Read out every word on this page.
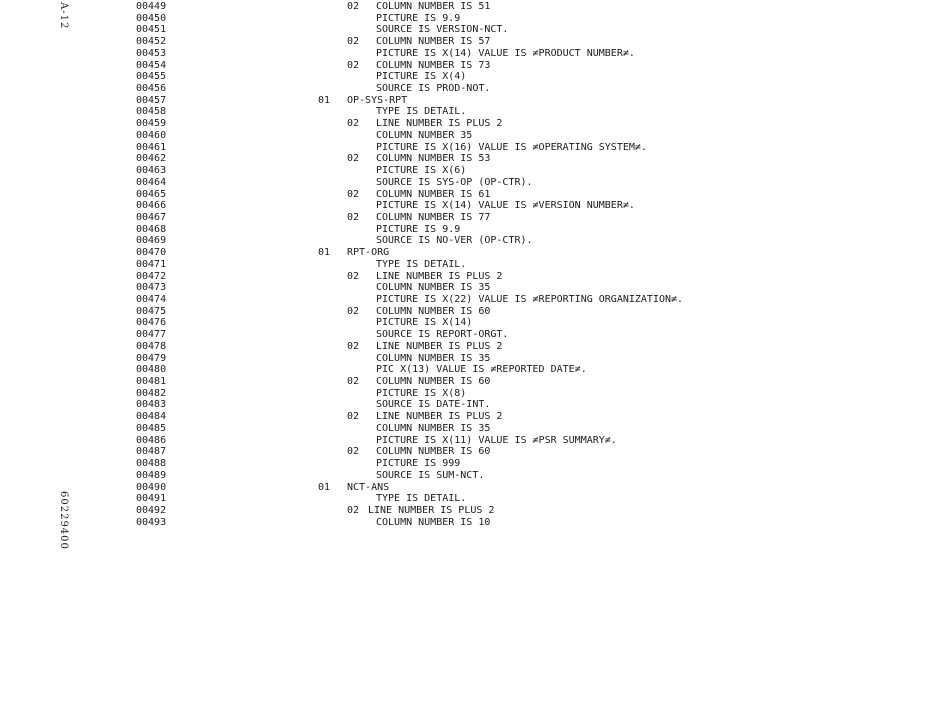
A-12
60229400
00449	02 COLUMN NUMBER IS 51
00450	PICTURE IS 9.9
00451	SOURCE IS VERSION-NCT.
00452	02 COLUMN NUMBER IS 57
00453	PICTURE IS X(14) VALUE IS ≠PRODUCT NUMBER≠.
00454	02 COLUMN NUMBER IS 73
00455	PICTURE IS X(4)
00456	SOURCE IS PROD-NOT.
00457	01 OP-SYS-RPT
00458	TYPE IS DETAIL.
00459	02 LINE NUMBER IS PLUS 2
00460	COLUMN NUMBER 35
00461	PICTURE IS X(16) VALUE IS ≠OPERATING SYSTEM≠.
00462	02 COLUMN NUMBER IS 53
00463	PICTURE IS X(6)
00464	SOURCE IS SYS-OP (OP-CTR).
00465	02 COLUMN NUMBER IS 61
00466	PICTURE IS X(14) VALUE IS ≠VERSION NUMBER≠.
00467	02 COLUMN NUMBER IS 77
00468	PICTURE IS 9.9
00469	SOURCE IS NO-VER (OP-CTR).
00470	01 RPT-ORG
00471	TYPE IS DETAIL.
00472	02 LINE NUMBER IS PLUS 2
00473	COLUMN NUMBER IS 35
00474	PICTURE IS X(22) VALUE IS ≠REPORTING ORGANIZATION≠.
00475	02 COLUMN NUMBER IS 60
00476	PICTURE IS X(14)
00477	SOURCE IS REPORT-ORGT.
00478	02 LINE NUMBER IS PLUS 2
00479	COLUMN NUMBER IS 35
00480	PIC X(13) VALUE IS ≠REPORTED DATE≠.
00481	02 COLUMN NUMBER IS 60
00482	PICTURE IS X(8)
00483	SOURCE IS DATE-INT.
00484	02 LINE NUMBER IS PLUS 2
00485	COLUMN NUMBER IS 35
00486	PICTURE IS X(11) VALUE IS ≠PSR SUMMARY≠.
00487	02 COLUMN NUMBER IS 60
00488	PICTURE IS 999
00489	SOURCE IS SUM-NCT.
00490	01 NCT-ANS
00491	TYPE IS DETAIL.
00492	02 LINE NUMBER IS PLUS 2
00493	COLUMN NUMBER IS 10
